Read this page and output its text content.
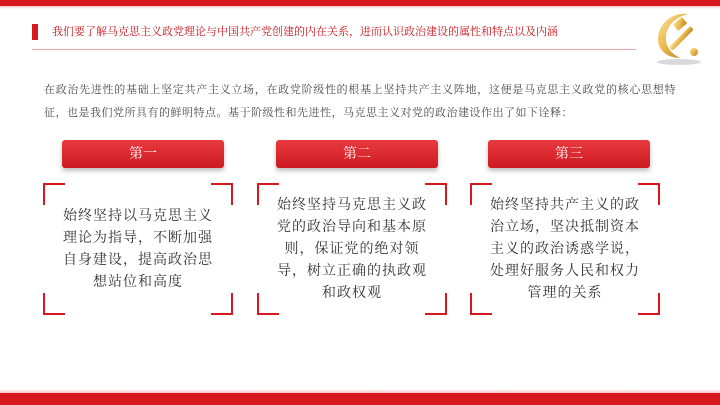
我们要了解马克思主义政党理论与中国共产党创建的内在关系，进而认识政治建设的属性和特点以及内涵
在政治先进性的基础上坚定共产主义立场，在政党阶级性的根基上坚持共产主义阵地，这便是马克思主义政党的核心思想特征，也是我们党所具有的鲜明特点。基于阶级性和先进性，马克思主义对党的政治建设作出了如下诠释：
第一	第二	第三
始终坚持以马克思主义理论为指导，不断加强自身建设，提高政治思想站位和高度
始终坚持马克思主义政党的政治导向和基本原则，保证党的绝对领导，树立正确的执政观和政权观
始终坚持共产主义的政治立场，坚决抵制资本主义的政治诱惑学说，处理好服务人民和权力管理的关系
